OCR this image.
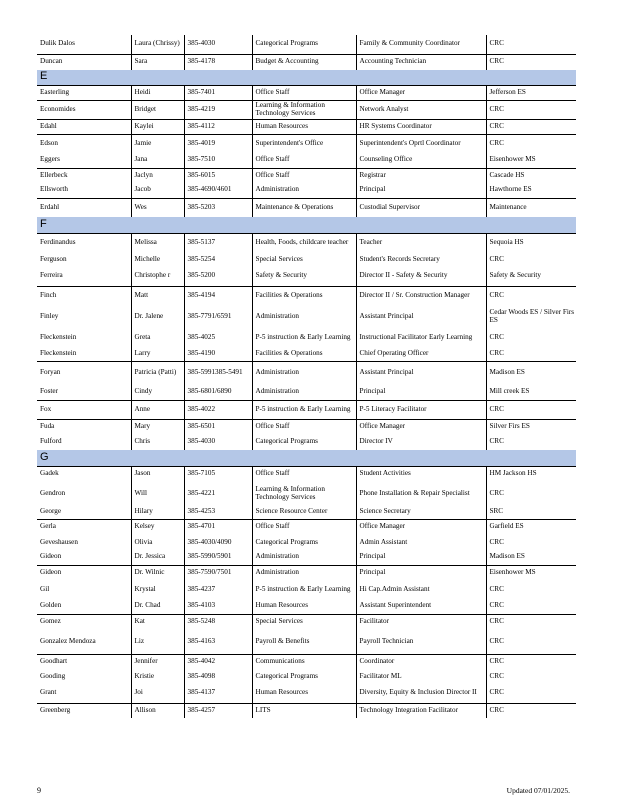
Dulik Dalos	Laura (Chrissy)	385-4030	Categorical Programs	Family & Community Coordinator	CRC
Duncan	Sara	385-4178	Budget & Accounting	Accounting Technician	CRC
E					
Easterling	Heidi	385-7401	Office Staff	Office Manager	Jefferson ES
Economides	Bridget	385-4219	Learning & Information Technology Services	Network Analyst	CRC
Edahl	Kaylei	385-4112	Human Resources	HR Systems Coordinator	CRC
Edson	Jamie	385-4019	Superintendent's Office	Superintendent's Oprtl Coordinator	CRC
Eggers	Jana	385-7510	Office Staff	Counseling Office	Eisenhower MS
Ellerbeck	Jaclyn	385-6015	Office Staff	Registrar	Cascade HS
Ellsworth	Jacob	385-4690/4601	Administration	Principal	Hawthorne ES
Erdahl	Wes	385-5203	Maintenance & Operations	Custodial Supervisor	Maintenance
F					
Ferdinandus	Melissa	385-5137	Health, Foods, childcare teacher	Teacher	Sequoia HS
Ferguson	Michelle	385-5254	Special Services	Student's Records Secretary	CRC
Ferreira	Christophe r	385-5200	Safety & Security	Director II - Safety & Security	Safety & Security
Finch	Matt	385-4194	Facilities & Operations	Director II / Sr. Construction Manager	CRC
Finley	Dr. Jalene	385-7791/6591	Administration	Assistant Principal	Cedar Woods ES / Silver Firs ES
Fleckenstein	Greta	385-4025	P-5 instruction & Early Learning	Instructional Facilitator Early Learning	CRC
Fleckenstein	Larry	385-4190	Facilities & Operations	Chief Operating Officer	CRC
Foryan	Patricia (Patti)	385-5991385-5491	Administration	Assistant Principal	Madison ES
Foster	Cindy	385-6801/6890	Administration	Principal	Mill creek ES
Fox	Anne	385-4022	P-5 instruction & Early Learning	P-5 Literacy Facilitator	CRC
Fuda	Mary	385-6501	Office Staff	Office Manager	Silver Firs ES
Fulford	Chris	385-4030	Categorical Programs	Director IV	CRC
G					
Gadek	Jason	385-7105	Office Staff	Student Activities	HM Jackson HS
Gendron	Will	385-4221	Learning & Information Technology Services	Phone Installation & Repair Specialist	CRC
George	Hilary	385-4253	Science Resource Center	Science Secretary	SRC
Gerla	Kelsey	385-4701	Office Staff	Office Manager	Garfield ES
Geveshausen	Olivia	385-4030/4090	Categorical Programs	Admin Assistant	CRC
Gideon	Dr. Jessica	385-5990/5901	Administration	Principal	Madison ES
Gideon	Dr. Wilnic	385-7590/7501	Administration	Principal	Eisenhower MS
Gil	Krystal	385-4237	P-5 instruction & Early Learning	Hi Cap.Admin Assistant	CRC
Golden	Dr. Chad	385-4103	Human Resources	Assistant Superintendent	CRC
Gomez	Kat	385-5248	Special Services	Facilitator	CRC
Gonzalez Mendoza	Liz	385-4163	Payroll & Benefits	Payroll Technician	CRC
Goodhart	Jennifer	385-4042	Communications	Coordinator	CRC
Gooding	Kristie	385-4098	Categorical Programs	Facilitator ML	CRC
Grant	Joi	385-4137	Human Resources	Diversity, Equity & Inclusion Director II	CRC
Greenberg	Allison	385-4257	LITS	Technology Integration Facilitator	CRC
9	Updated 07/01/2025.
